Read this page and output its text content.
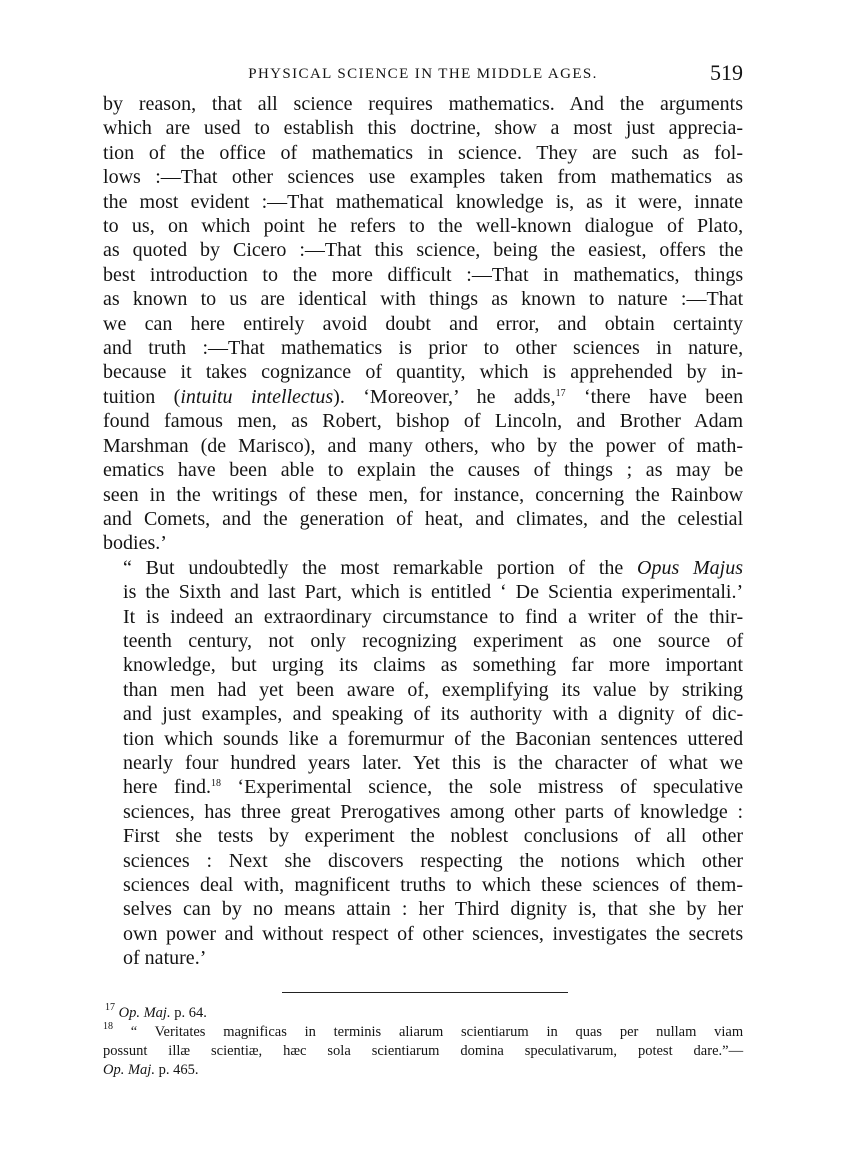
PHYSICAL SCIENCE IN THE MIDDLE AGES.	519

by reason, that all science requires mathematics. And the arguments
which are used to establish this doctrine, show a most just apprecia-
tion of the office of mathematics in science. They are such as fol-
lows :—That other sciences use examples taken from mathematics as
the most evident :—That mathematical knowledge is, as it were, innate
to us, on which point he refers to the well-known dialogue of Plato,
as quoted by Cicero :—That this science, being the easiest, offers the
best introduction to the more difficult :—That in mathematics, things
as known to us are identical with things as known to nature :—That
we can here entirely avoid doubt and error, and obtain certainty
and truth :—That mathematics is prior to other sciences in nature,
because it takes cognizance of quantity, which is apprehended by in-
tuition (intuitu intellectus). ‘Moreover,’ he adds,$^{17}$ ‘there have been
found famous men, as Robert, bishop of Lincoln, and Brother Adam
Marshman (de Marisco), and many others, who by the power of math-
ematics have been able to explain the causes of things ; as may be
seen in the writings of these men, for instance, concerning the Rainbow
and Comets, and the generation of heat, and climates, and the celestial
bodies.’

“ But undoubtedly the most remarkable portion of the Opus Majus
is the Sixth and last Part, which is entitled ‘ De Scientia experimentali.’
It is indeed an extraordinary circumstance to find a writer of the thir-
teenth century, not only recognizing experiment as one source of
knowledge, but urging its claims as something far more important
than men had yet been aware of, exemplifying its value by striking
and just examples, and speaking of its authority with a dignity of dic-
tion which sounds like a foremurmur of the Baconian sentences uttered
nearly four hundred years later. Yet this is the character of what we
here find.$^{18}$ ‘Experimental science, the sole mistress of speculative
sciences, has three great Prerogatives among other parts of knowledge :
First she tests by experiment the noblest conclusions of all other
sciences : Next she discovers respecting the notions which other
sciences deal with, magnificent truths to which these sciences of them-
selves can by no means attain : her Third dignity is, that she by her
own power and without respect of other sciences, investigates the secrets
of nature.’

$^{17}$ Op. Maj. p. 64.
$^{18}$ “ Veritates magnificas in terminis aliarum scientiarum in quas per nullam viam
possunt illæ scientiæ, hæc sola scientiarum domina speculativarum, potest dare.”—
Op. Maj. p. 465.
